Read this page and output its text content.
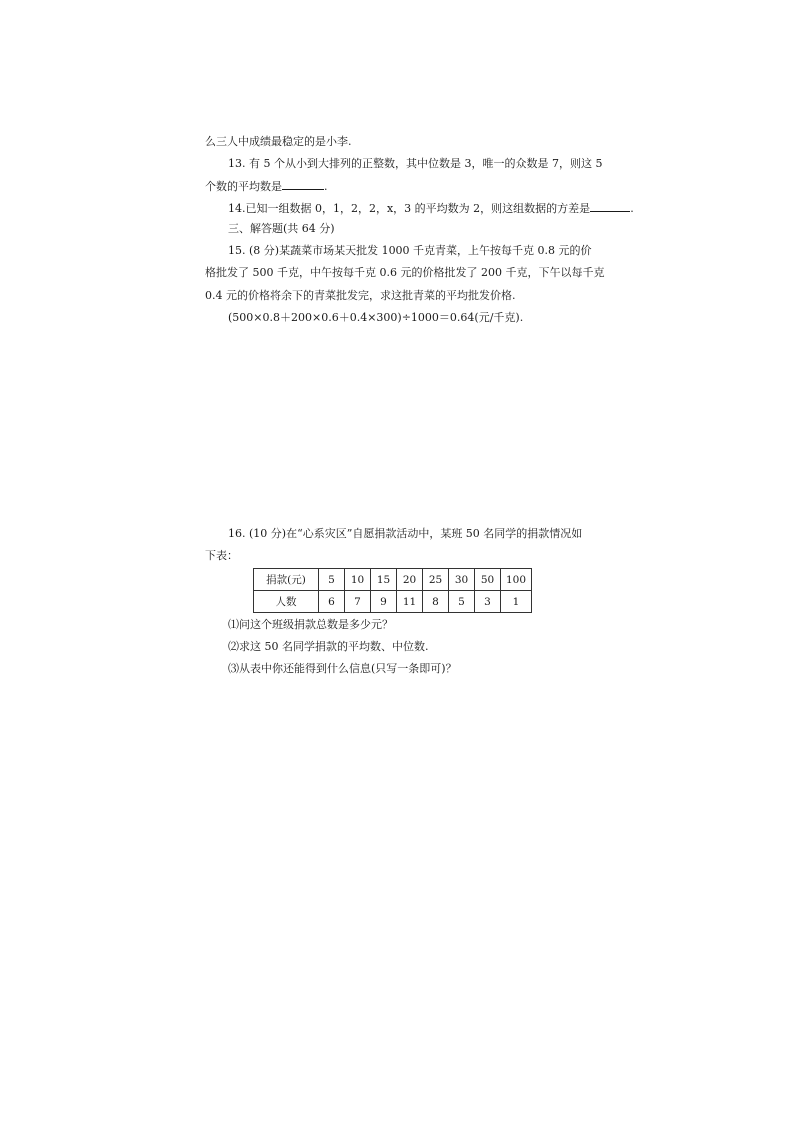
么三人中成绩最稳定的是小李.
13. 有 5 个从小到大排列的正整数，其中位数是 3，唯一的众数是 7，则这 5
个数的平均数是	.
14.已知一组数据 0，1，2，2，x，3 的平均数为 2，则这组数据的方差是	.
三、解答题(共 64 分)
15. (8 分)某蔬菜市场某天批发 1000 千克青菜，上午按每千克 0.8 元的价
格批发了 500 千克，中午按每千克 0.6 元的价格批发了 200 千克，下午以每千克
0.4 元的价格将余下的青菜批发完，求这批青菜的平均批发价格.
(500×0.8＋200×0.6＋0.4×300)÷1000＝0.64(元/千克).
16. (10 分)在“心系灾区”自愿捐款活动中，某班 50 名同学的捐款情况如
下表：
捐款(元)	5	10	15	20	25	30	50	100
人数	6	7	9	11	8	5	3	1
⑴问这个班级捐款总数是多少元？
⑵求这 50 名同学捐款的平均数、中位数.
⑶从表中你还能得到什么信息(只写一条即可)？
